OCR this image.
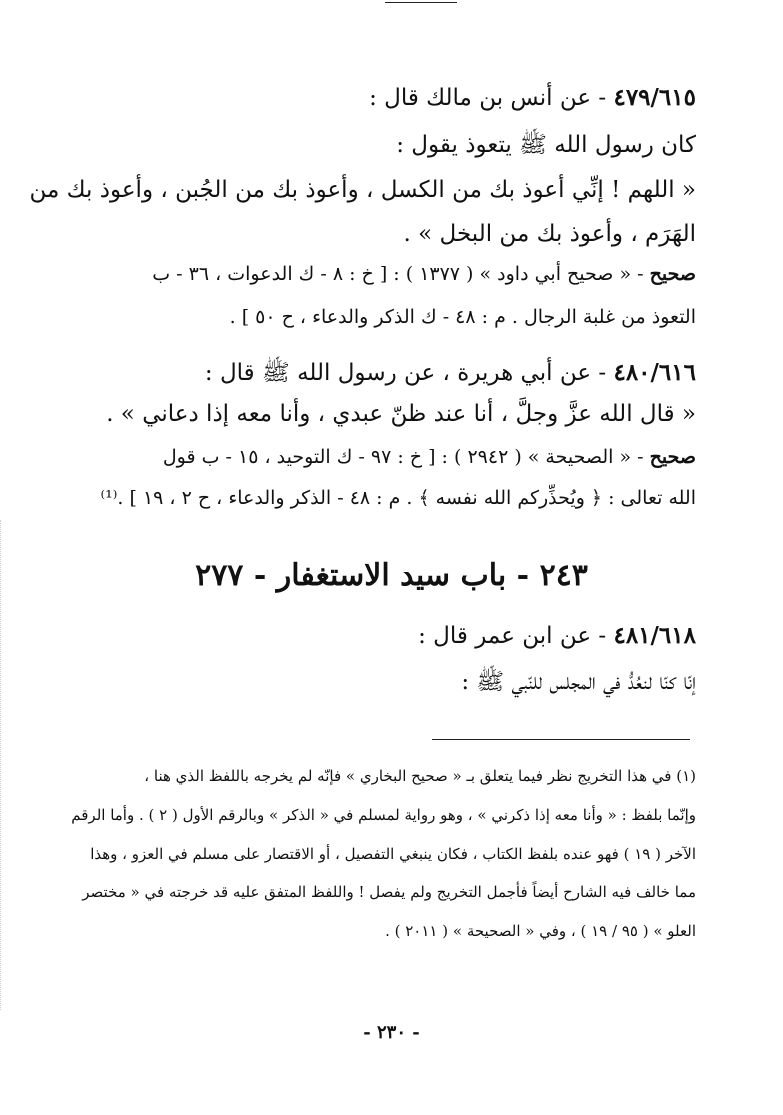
٤٧٩/٦١٥ - عن أنس بن مالك قال :
كان رسول الله ﷺ يتعوذ يقول :
« اللهم ! إنِّي أعوذ بك من الكسل ، وأعوذ بك من الجُبن ، وأعوذ بك من
الهَرَم ، وأعوذ بك من البخل » .
صحيح - « صحيح أبي داود » ( ١٣٧٧ ) : [ خ : ٨ - ك الدعوات ، ٣٦ - ب
التعوذ من غلبة الرجال . م : ٤٨ - ك الذكر والدعاء ، ح ٥٠ ] .
٤٨٠/٦١٦ - عن أبي هريرة ، عن رسول الله ﷺ قال :
« قال الله عزَّ وجلَّ ، أنا عند ظنّ عبدي ، وأنا معه إذا دعاني » .
صحيح - « الصحيحة » ( ٢٩٤٢ ) : [ خ : ٩٧ - ك التوحيد ، ١٥ - ب قول
الله تعالى : ﴿ ويُحذِّركم الله نفسه ﴾ . م : ٤٨ - الذكر والدعاء ، ح ٢ ، ١٩ ] .⁽¹⁾
٢٤٣ - باب سيد الاستغفار - ٢٧٧
٤٨١/٦١٨ - عن ابن عمر قال :
إنّا كنّا لنعُدُّ في المجلس للنّبي ﷺ :
(١) في هذا التخريج نظر فيما يتعلق بـ « صحيح البخاري » فإنّه لم يخرجه باللفظ الذي هنا ،
وإنّما بلفظ : « وأنا معه إذا ذكرني » ، وهو رواية لمسلم في « الذكر » وبالرقم الأول ( ٢ ) . وأما الرقم
الآخر ( ١٩ ) فهو عنده بلفظ الكتاب ، فكان ينبغي التفصيل ، أو الاقتصار على مسلم في العزو ، وهذا
مما خالف فيه الشارح أيضاً فأجمل التخريج ولم يفصل ! واللفظ المتفق عليه قد خرجته في « مختصر
العلو » ( ٩٥ / ١٩ ) ، وفي « الصحيحة » ( ٢٠١١ ) .
- ٢٣٠ -
